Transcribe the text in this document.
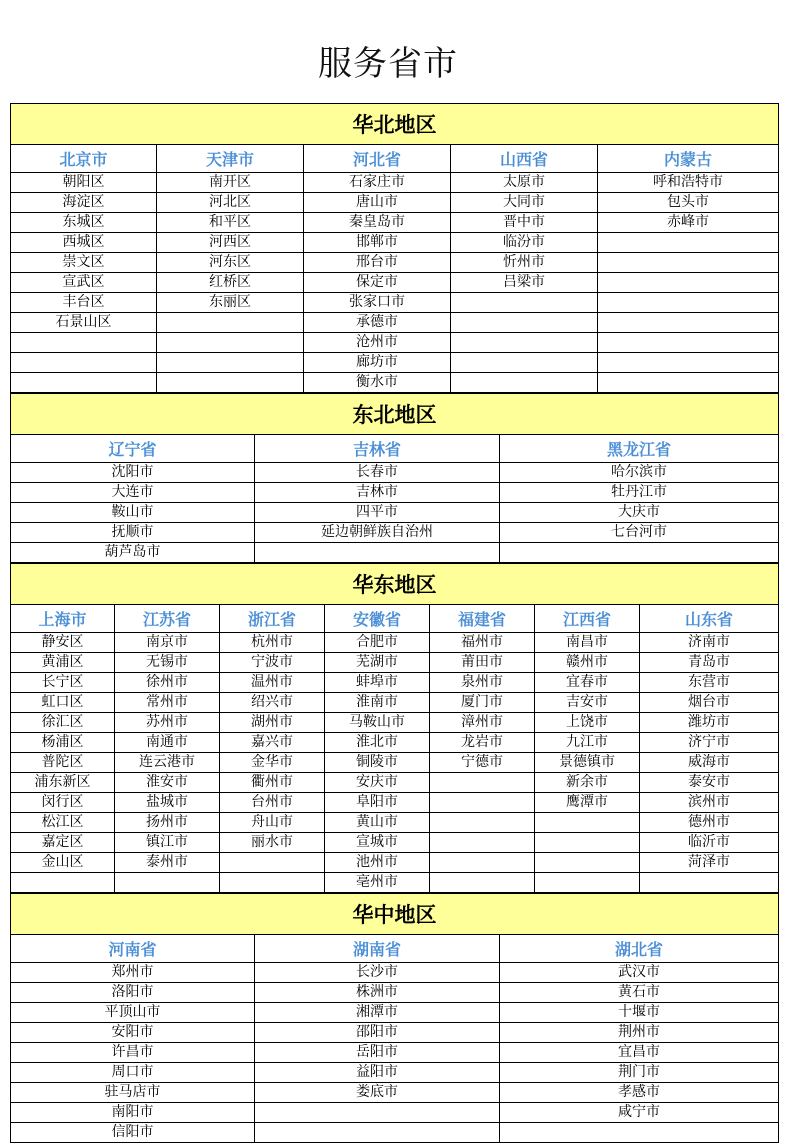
服务省市
华北地区				
北京市	天津市	河北省	山西省	内蒙古
朝阳区	南开区	石家庄市	太原市	呼和浩特市
海淀区	河北区	唐山市	大同市	包头市
东城区	和平区	秦皇岛市	晋中市	赤峰市
西城区	河西区	邯郸市	临汾市	
崇文区	河东区	邢台市	忻州市	
宣武区	红桥区	保定市	吕梁市	
丰台区	东丽区	张家口市		
石景山区		承德市		
		沧州市		
		廊坊市		
		衡水市		
东北地区		
辽宁省	吉林省	黑龙江省
沈阳市	长春市	哈尔滨市
大连市	吉林市	牡丹江市
鞍山市	四平市	大庆市
抚顺市	延边朝鲜族自治州	七台河市
葫芦岛市		
华东地区						
上海市	江苏省	浙江省	安徽省	福建省	江西省	山东省
静安区	南京市	杭州市	合肥市	福州市	南昌市	济南市
黄浦区	无锡市	宁波市	芜湖市	莆田市	赣州市	青岛市
长宁区	徐州市	温州市	蚌埠市	泉州市	宜春市	东营市
虹口区	常州市	绍兴市	淮南市	厦门市	吉安市	烟台市
徐汇区	苏州市	湖州市	马鞍山市	漳州市	上饶市	潍坊市
杨浦区	南通市	嘉兴市	淮北市	龙岩市	九江市	济宁市
普陀区	连云港市	金华市	铜陵市	宁德市	景德镇市	威海市
浦东新区	淮安市	衢州市	安庆市		新余市	泰安市
闵行区	盐城市	台州市	阜阳市		鹰潭市	滨州市
松江区	扬州市	舟山市	黄山市			德州市
嘉定区	镇江市	丽水市	宣城市			临沂市
金山区	泰州市		池州市			菏泽市
			亳州市			
华中地区		
河南省	湖南省	湖北省
郑州市	长沙市	武汉市
洛阳市	株洲市	黄石市
平顶山市	湘潭市	十堰市
安阳市	邵阳市	荆州市
许昌市	岳阳市	宜昌市
周口市	益阳市	荆门市
驻马店市	娄底市	孝感市
南阳市		咸宁市
信阳市		
